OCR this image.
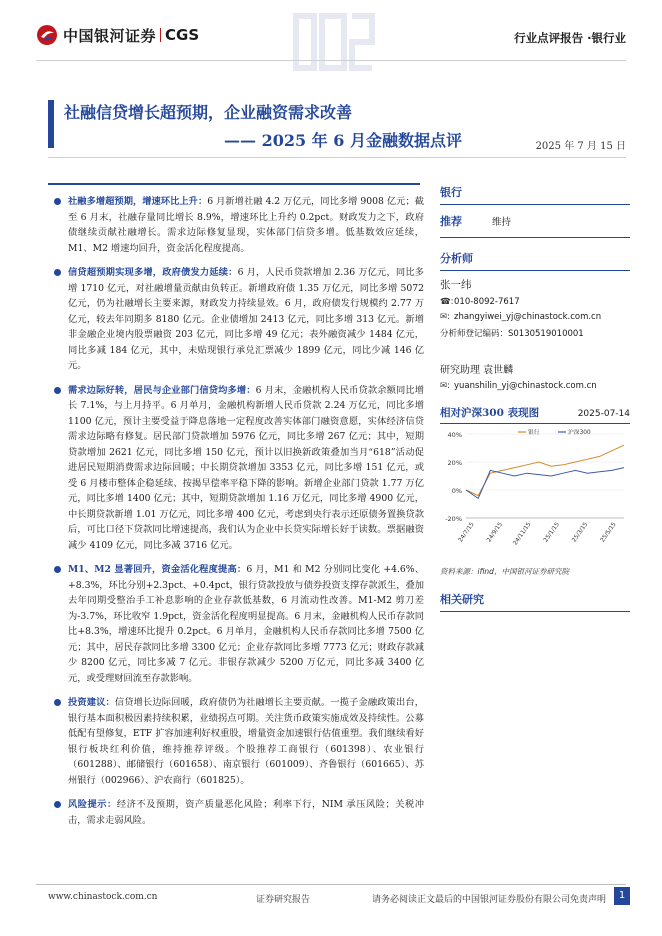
中国银河证券 CGS	行业点评报告 ·银行业
社融信贷增长超预期，企业融资需求改善
—— 2025 年 6 月金融数据点评	2025 年 7 月 15 日

社融多增超预期，增速环比上升：6 月新增社融 4.2 万亿元，同比多增 9008 亿元；截至 6 月末，社融存量同比增长 8.9%，增速环比上升约 0.2pct。财政发力之下，政府债继续贡献社融增长。需求边际修复显现，实体部门信贷多增。低基数效应延续，M1、M2 增速均回升，资金活化程度提高。

信贷超预期实现多增，政府债发力延续：6 月，人民币贷款增加 2.36 万亿元，同比多增 1710 亿元，对社融增量贡献由负转正。新增政府债 1.35 万亿元，同比多增 5072 亿元，仍为社融增长主要来源，财政发力持续显效。6 月，政府债发行规模约 2.77 万亿元，较去年同期多 8180 亿元。企业债增加 2413 亿元，同比多增 313 亿元。新增非金融企业境内股票融资 203 亿元，同比多增 49 亿元；表外融资减少 1484 亿元，同比多减 184 亿元，其中，未贴现银行承兑汇票减少 1899 亿元，同比少减 146 亿元。

需求边际好转，居民与企业部门信贷均多增：6 月末，金融机构人民币贷款余额同比增长 7.1%，与上月持平。6 月单月，金融机构新增人民币贷款 2.24 万亿元，同比多增 1100 亿元，预计主要受益于降息落地一定程度改善实体部门融资意愿，实体经济信贷需求边际略有修复。居民部门贷款增加 5976 亿元，同比多增 267 亿元；其中，短期贷款增加 2621 亿元，同比多增 150 亿元，预计以旧换新政策叠加当月“618”活动促进居民短期消费需求边际回暖；中长期贷款增加 3353 亿元，同比多增 151 亿元，或受 6 月楼市整体企稳延续、按揭早偿率平稳下降的影响。新增企业部门贷款 1.77 万亿元，同比多增 1400 亿元；其中，短期贷款增加 1.16 万亿元，同比多增 4900 亿元，中长期贷款新增 1.01 万亿元，同比多增 400 亿元，考虑到央行表示还原债务置换贷款后，可比口径下贷款同比增速提高，我们认为企业中长贷实际增长好于读数。票据融资减少 4109 亿元，同比多减 3716 亿元。

M1、M2 显著回升，资金活化程度提高：6 月，M1 和 M2 分别同比变化 +4.6%、+8.3%，环比分别+2.3pct、+0.4pct，银行贷款投放与债券投资支撑存款派生，叠加去年同期受整治手工补息影响的企业存款低基数，6 月流动性改善。M1-M2 剪刀差为-3.7%，环比收窄 1.9pct，资金活化程度明显提高。6 月末，金融机构人民币存款同比+8.3%，增速环比提升 0.2pct。6 月单月，金融机构人民币存款同比多增 7500 亿元；其中，居民存款同比多增 3300 亿元；企业存款同比多增 7773 亿元；财政存款减少 8200 亿元，同比多减 7 亿元。非银存款减少 5200 万亿元，同比多减 3400 亿元，或受理财回流至存款影响。

投资建议：信贷增长边际回暖，政府债仍为社融增长主要贡献。一揽子金融政策出台，银行基本面积极因素持续积累，业绩拐点可期。关注货币政策实施成效及持续性。公募低配有望修复，ETF 扩容加速利好权重股，增量资金加速银行估值重塑。我们继续看好银行板块红利价值，维持推荐评级。个股推荐工商银行（601398）、农业银行（601288）、邮储银行（601658）、南京银行（601009）、齐鲁银行（601665）、苏州银行（002966）、沪农商行（601825）。

风险提示：经济不及预期，资产质量恶化风险；利率下行，NIM 承压风险；关税冲击，需求走弱风险。

银行
推荐	维持
分析师
张一纬
☎: 010-8092-7617
✉: zhangyiwei_yj@chinastock.com.cn
分析师登记编码：S0130519010001
研究助理 袁世麟
✉: yuanshilin_yj@chinastock.com.cn
相对沪深300 表现图	2025-07-14
40%
20%
0%
-20%
24/7/15 24/9/15 24/11/15 25/1/15 25/3/15 25/5/15
银行	沪深300
资料来源：ifind，中国银河证券研究院
相关研究
www.chinastock.com.cn	证券研究报告	请务必阅读正文最后的中国银河证券股份有限公司免责声明	1
